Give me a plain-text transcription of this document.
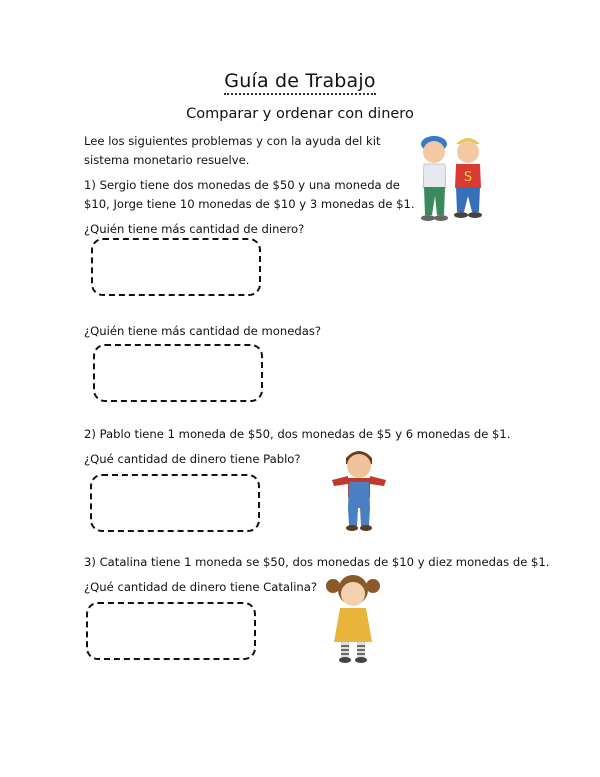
Guía de Trabajo
Comparar y ordenar con dinero
Lee los siguientes problemas y con la ayuda del kit
sistema monetario resuelve.
1) Sergio tiene dos monedas de $50 y una moneda de
$10, Jorge tiene 10 monedas de $10 y 3 monedas de $1.
¿Quién tiene más cantidad de dinero?
¿Quién tiene más cantidad de monedas?
2) Pablo tiene 1 moneda de $50, dos monedas de $5 y 6 monedas de $1.
¿Qué cantidad de dinero tiene Pablo?
3) Catalina tiene 1 moneda se $50, dos monedas de $10 y diez monedas de $1.
¿Qué cantidad de dinero tiene Catalina?
S
